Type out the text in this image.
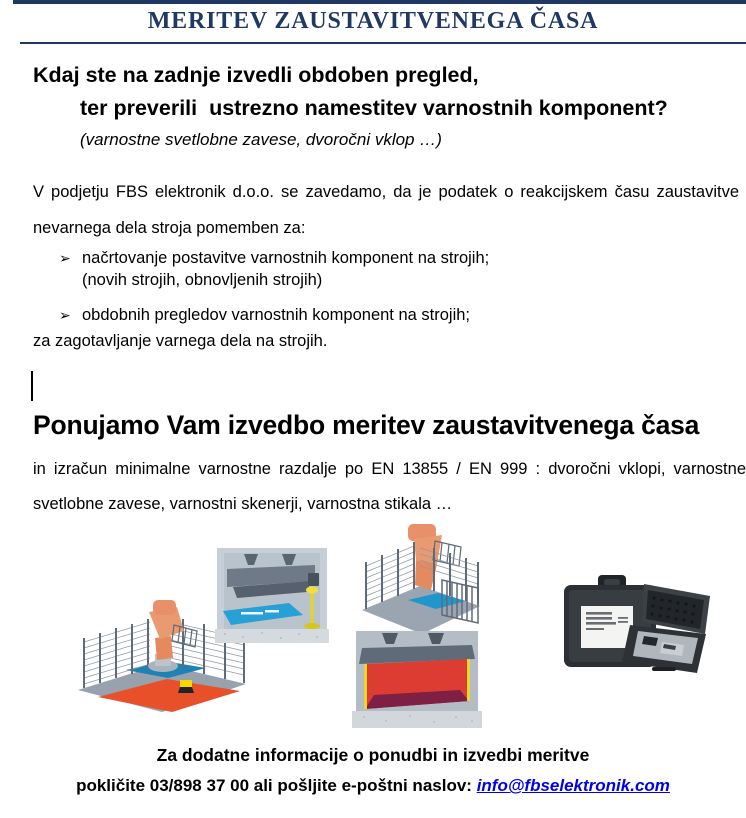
MERITEV ZAUSTAVITVENEGA ČASA
Kdaj ste na zadnje izvedli obdoben pregled,
ter preverili  ustrezno namestitev varnostnih komponent?
(varnostne svetlobne zavese, dvoročni vklop …)
V podjetju FBS elektronik d.o.o. se zavedamo, da je podatek o reakcijskem času zaustavitve nevarnega dela stroja pomemben za:
➢ načrtovanje postavitve varnostnih komponent na strojih;
(novih strojih, obnovljenih strojih)
➢ obdobnih pregledov varnostnih komponent na strojih;
za zagotavljanje varnega dela na strojih.
Ponujamo Vam izvedbo meritev zaustavitvenega časa
in izračun minimalne varnostne razdalje po EN 13855 / EN 999 : dvoročni vklopi, varnostne svetlobne zavese, varnostni skenerji, varnostna stikala …
Za dodatne informacije o ponudbi in izvedbi meritve
pokličite 03/898 37 00 ali pošljite e-poštni naslov: info@fbselektronik.com
